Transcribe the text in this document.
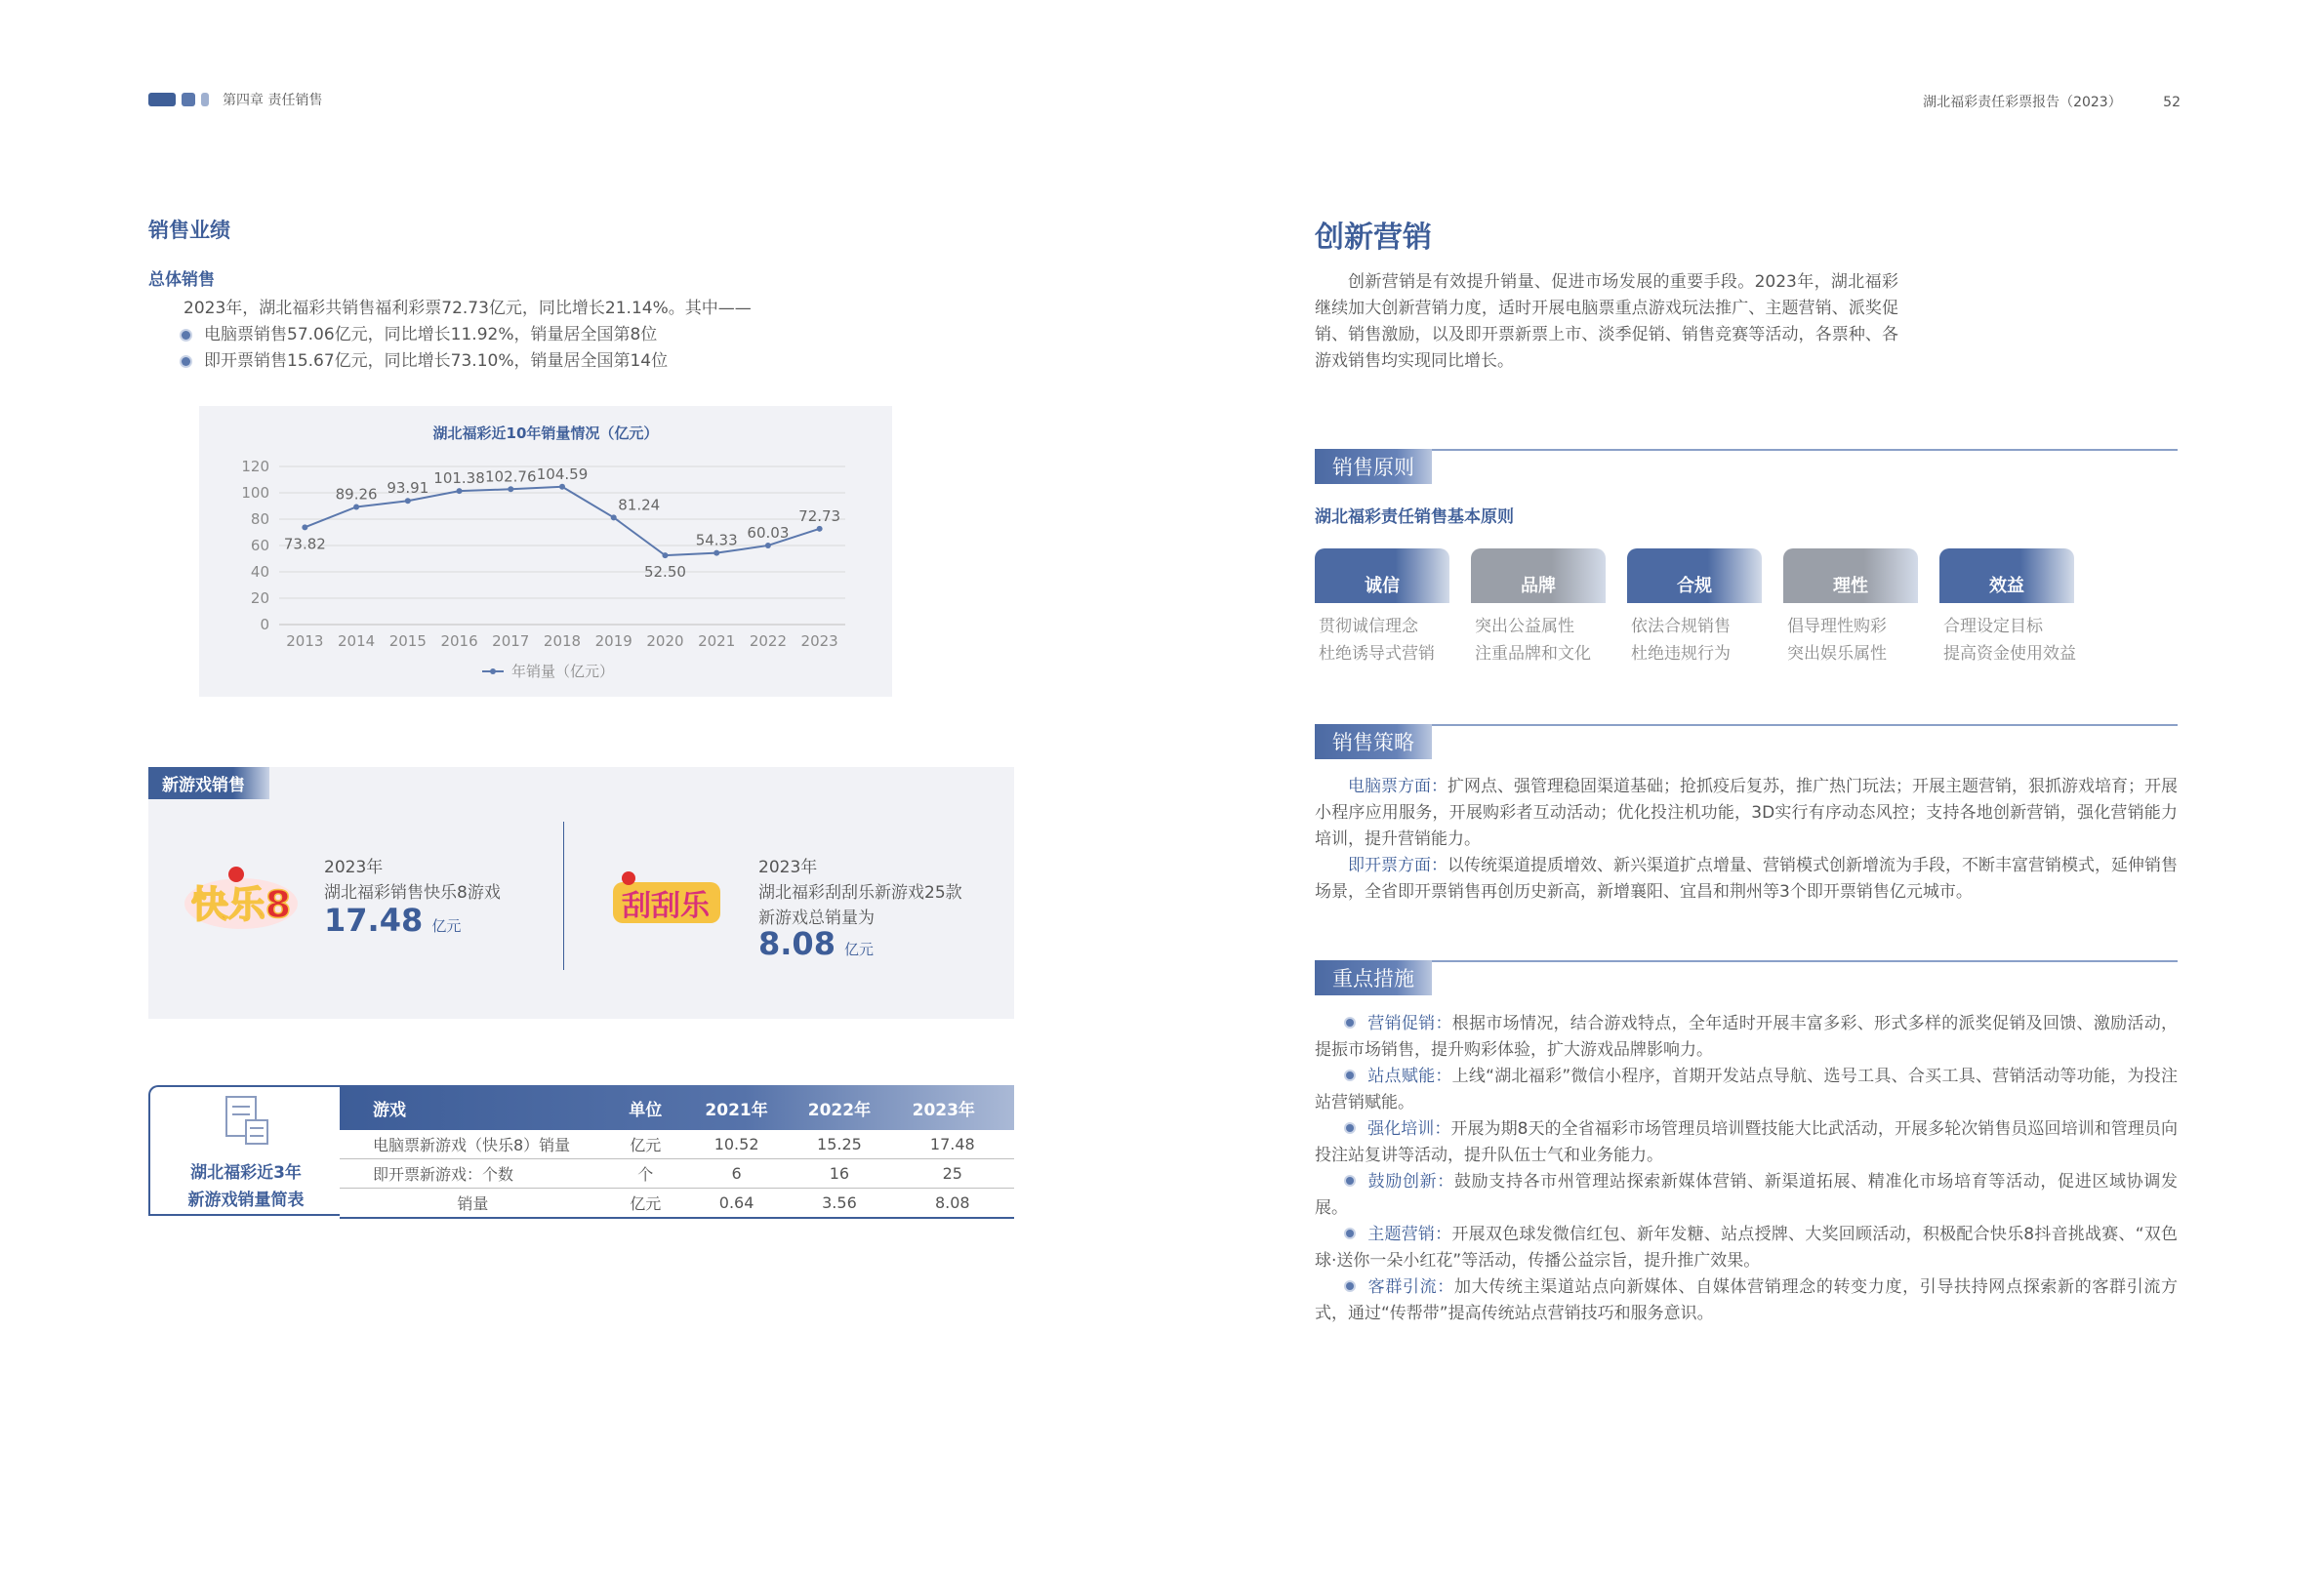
第四章 责任销售	湖北福彩责任彩票报告（2023）	52
销售业绩
总体销售
2023年，湖北福彩共销售福利彩票72.73亿元，同比增长21.14%。其中——
电脑票销售57.06亿元，同比增长11.92%，销量居全国第8位
即开票销售15.67亿元，同比增长73.10%，销量居全国第14位
湖北福彩近10年销量情况（亿元）
0
20
40
60
80
100
120
2013 2014 2015 2016 2017 2018 2019 2020 2021 2022 2023
73.82
89.26 93.91
101.38 102.76 104.59
81.24
52.50
54.33 60.03
72.73
年销量（亿元）
新游戏销售
快乐8
2023年
湖北福彩销售快乐8游戏
17.48 亿元
刮刮乐
2023年
湖北福彩刮刮乐新游戏25款
新游戏总销量为
8.08 亿元
湖北福彩近3年
新游戏销量简表
游戏	单位	2021年	2022年	2023年
电脑票新游戏（快乐8）销量	亿元	10.52	15.25	17.48
即开票新游戏：个数	个	6	16	25
销量	亿元	0.64	3.56	8.08
创新营销
创新营销是有效提升销量、促进市场发展的重要手段。2023年，湖北福彩继续加大创新营销力度，适时开展电脑票重点游戏玩法推广、主题营销、派奖促销、销售激励，以及即开票新票上市、淡季促销、销售竞赛等活动，各票种、各游戏销售均实现同比增长。
销售原则
湖北福彩责任销售基本原则
诚信
贯彻诚信理念
杜绝诱导式营销
品牌
突出公益属性
注重品牌和文化
合规
依法合规销售
杜绝违规行为
理性
倡导理性购彩
突出娱乐属性
效益
合理设定目标
提高资金使用效益
销售策略
电脑票方面：扩网点、强管理稳固渠道基础；抢抓疫后复苏，推广热门玩法；开展主题营销，狠抓游戏培育；开展小程序应用服务，开展购彩者互动活动；优化投注机功能，3D实行有序动态风控；支持各地创新营销，强化营销能力培训，提升营销能力。
即开票方面：以传统渠道提质增效、新兴渠道扩点增量、营销模式创新增流为手段，不断丰富营销模式，延伸销售场景，全省即开票销售再创历史新高，新增襄阳、宜昌和荆州等3个即开票销售亿元城市。
重点措施
营销促销：根据市场情况，结合游戏特点，全年适时开展丰富多彩、形式多样的派奖促销及回馈、激励活动，提振市场销售，提升购彩体验，扩大游戏品牌影响力。
站点赋能：上线“湖北福彩”微信小程序，首期开发站点导航、选号工具、合买工具、营销活动等功能，为投注站营销赋能。
强化培训：开展为期8天的全省福彩市场管理员培训暨技能大比武活动，开展多轮次销售员巡回培训和管理员向投注站复讲等活动，提升队伍士气和业务能力。
鼓励创新：鼓励支持各市州管理站探索新媒体营销、新渠道拓展、精准化市场培育等活动，促进区域协调发展。
主题营销：开展双色球发微信红包、新年发糖、站点授牌、大奖回顾活动，积极配合快乐8抖音挑战赛、“双色球·送你一朵小红花”等活动，传播公益宗旨，提升推广效果。
客群引流：加大传统主渠道站点向新媒体、自媒体营销理念的转变力度，引导扶持网点探索新的客群引流方式，通过“传帮带”提高传统站点营销技巧和服务意识。
